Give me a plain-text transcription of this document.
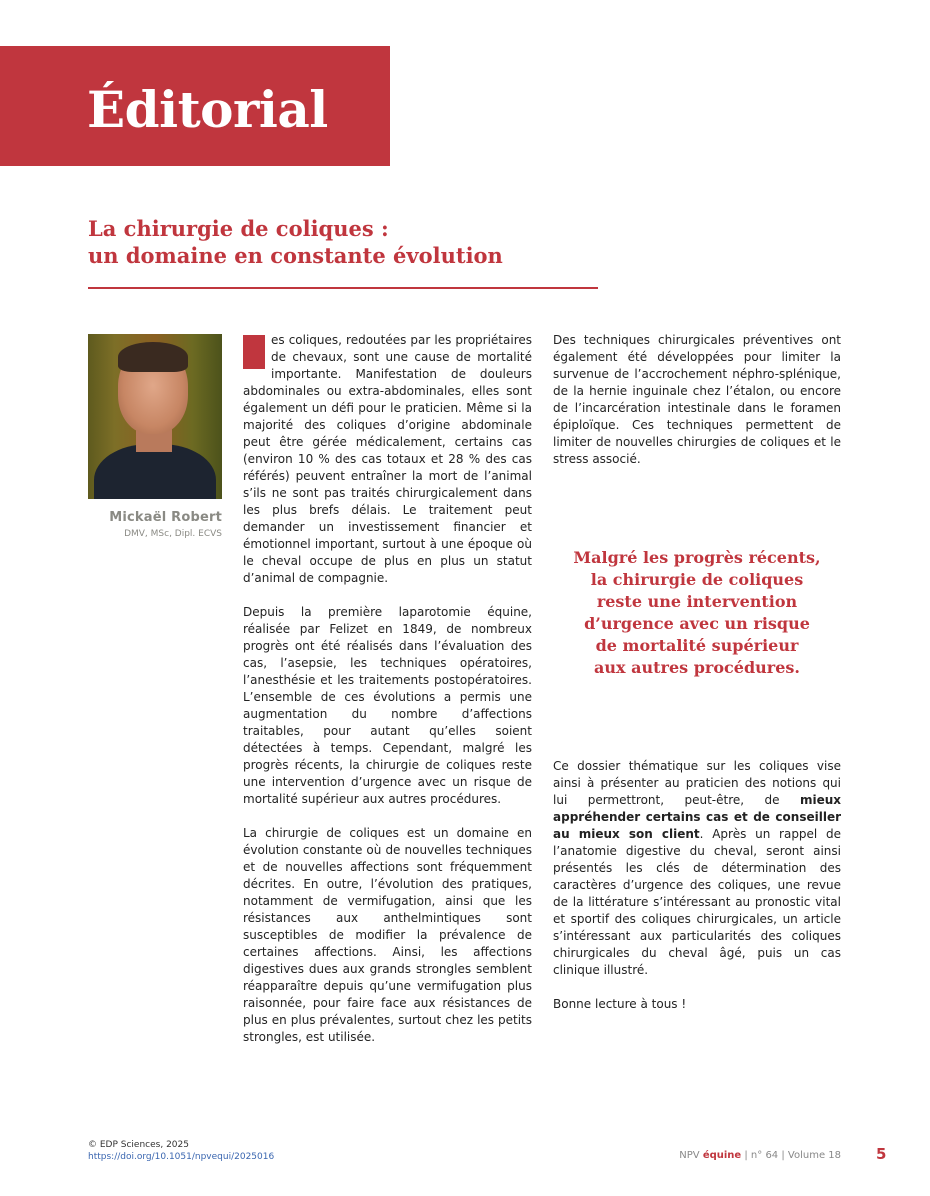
Éditorial
La chirurgie de coliques :
un domaine en constante évolution
Mickaël Robert
DMV, MSc, Dipl. ECVS

es coliques, redoutées par les propriétaires de chevaux, sont une cause de mortalité importante. Manifestation de douleurs abdominales ou extra-abdominales, elles sont également un défi pour le praticien. Même si la majorité des coliques d’origine abdominale peut être gérée médicalement, certains cas (environ 10 % des cas totaux et 28 % des cas référés) peuvent entraîner la mort de l’animal s’ils ne sont pas traités chirurgicalement dans les plus brefs délais. Le traitement peut demander un investissement financier et émotionnel important, surtout à une époque où le cheval occupe de plus en plus un statut d’animal de compagnie.

Depuis la première laparotomie équine, réalisée par Felizet en 1849, de nombreux progrès ont été réalisés dans l’évaluation des cas, l’asepsie, les techniques opératoires, l’anesthésie et les traitements postopératoires. L’ensemble de ces évolutions a permis une augmentation du nombre d’affections traitables, pour autant qu’elles soient détectées à temps. Cependant, malgré les progrès récents, la chirurgie de coliques reste une intervention d’urgence avec un risque de mortalité supérieur aux autres procédures.

La chirurgie de coliques est un domaine en évolution constante où de nouvelles techniques et de nouvelles affections sont fréquemment décrites. En outre, l’évolution des pratiques, notamment de vermifugation, ainsi que les résistances aux anthelmintiques sont susceptibles de modifier la prévalence de certaines affections. Ainsi, les affections digestives dues aux grands strongles semblent réapparaître depuis qu’une vermifugation plus raisonnée, pour faire face aux résistances de plus en plus prévalentes, surtout chez les petits strongles, est utilisée.

Des techniques chirurgicales préventives ont également été développées pour limiter la survenue de l’accrochement néphro-splénique, de la hernie inguinale chez l’étalon, ou encore de l’incarcération intestinale dans le foramen épiploïque. Ces techniques permettent de limiter de nouvelles chirurgies de coliques et le stress associé.

Malgré les progrès récents,
la chirurgie de coliques
reste une intervention
d’urgence avec un risque
de mortalité supérieur
aux autres procédures.

Ce dossier thématique sur les coliques vise ainsi à présenter au praticien des notions qui lui permettront, peut-être, de mieux appréhender certains cas et de conseiller au mieux son client. Après un rappel de l’anatomie digestive du cheval, seront ainsi présentés les clés de détermination des caractères d’urgence des coliques, une revue de la littérature s’intéressant au pronostic vital et sportif des coliques chirurgicales, un article s’intéressant aux particularités des coliques chirurgicales du cheval âgé, puis un cas clinique illustré.

Bonne lecture à tous !

© EDP Sciences, 2025
https://doi.org/10.1051/npvequi/2025016	NPV équine | n° 64 | Volume 18 5
